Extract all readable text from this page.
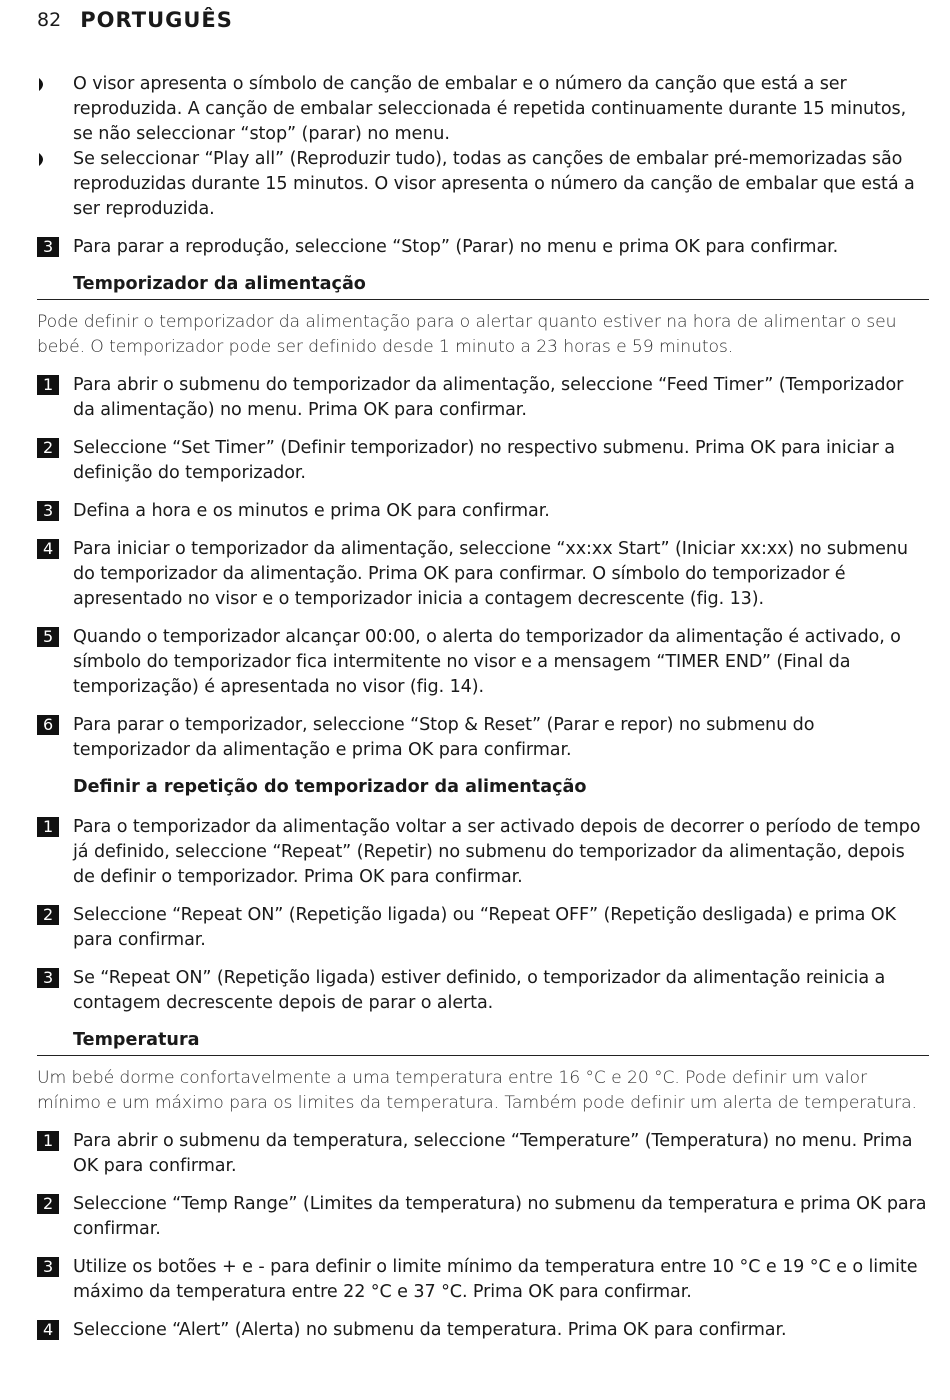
82 PORTUGUÊS
O visor apresenta o símbolo de canção de embalar e o número da canção que está a ser reproduzida. A canção de embalar seleccionada é repetida continuamente durante 15 minutos, se não seleccionar “stop” (parar) no menu.
Se seleccionar “Play all” (Reproduzir tudo), todas as canções de embalar pré-memorizadas são reproduzidas durante 15 minutos. O visor apresenta o número da canção de embalar que está a ser reproduzida.
3	Para parar a reprodução, seleccione “Stop” (Parar) no menu e prima OK para confirmar.
Temporizador da alimentação
Pode definir o temporizador da alimentação para o alertar quanto estiver na hora de alimentar o seu bebé. O temporizador pode ser definido desde 1 minuto a 23 horas e 59 minutos.
1	Para abrir o submenu do temporizador da alimentação, seleccione “Feed Timer” (Temporizador da alimentação) no menu. Prima OK para confirmar.
2	Seleccione “Set Timer” (Definir temporizador) no respectivo submenu. Prima OK para iniciar a definição do temporizador.
3	Defina a hora e os minutos e prima OK para confirmar.
4	Para iniciar o temporizador da alimentação, seleccione “xx:xx Start” (Iniciar xx:xx) no submenu do temporizador da alimentação. Prima OK para confirmar. O símbolo do temporizador é apresentado no visor e o temporizador inicia a contagem decrescente (fig. 13).
5	Quando o temporizador alcançar 00:00, o alerta do temporizador da alimentação é activado, o símbolo do temporizador fica intermitente no visor e a mensagem “TIMER END” (Final da temporização) é apresentada no visor (fig. 14).
6	Para parar o temporizador, seleccione “Stop & Reset” (Parar e repor) no submenu do temporizador da alimentação e prima OK para confirmar.
Definir a repetição do temporizador da alimentação
1	Para o temporizador da alimentação voltar a ser activado depois de decorrer o período de tempo já definido, seleccione “Repeat” (Repetir) no submenu do temporizador da alimentação, depois de definir o temporizador. Prima OK para confirmar.
2	Seleccione “Repeat ON” (Repetição ligada) ou “Repeat OFF” (Repetição desligada) e prima OK para confirmar.
3	Se “Repeat ON” (Repetição ligada) estiver definido, o temporizador da alimentação reinicia a contagem decrescente depois de parar o alerta.
Temperatura
Um bebé dorme confortavelmente a uma temperatura entre 16 °C e 20 °C. Pode definir um valor mínimo e um máximo para os limites da temperatura. Também pode definir um alerta de temperatura.
1	Para abrir o submenu da temperatura, seleccione “Temperature” (Temperatura) no menu. Prima OK para confirmar.
2	Seleccione “Temp Range” (Limites da temperatura) no submenu da temperatura e prima OK para confirmar.
3	Utilize os botões + e - para definir o limite mínimo da temperatura entre 10 °C e 19 °C e o limite máximo da temperatura entre 22 °C e 37 °C. Prima OK para confirmar.
4	Seleccione “Alert” (Alerta) no submenu da temperatura. Prima OK para confirmar.
